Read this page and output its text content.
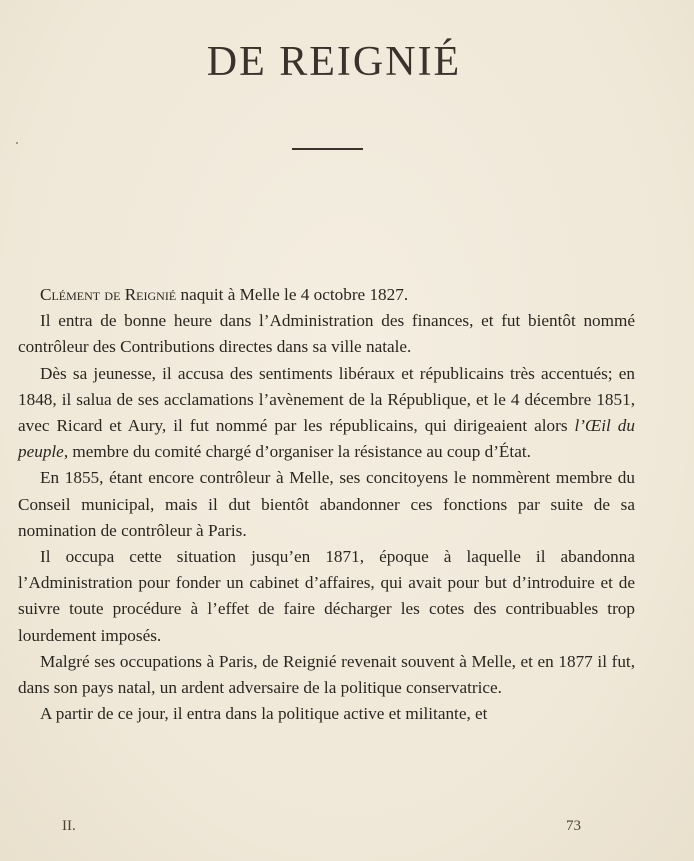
DE REIGNIÉ

Clément de Reignié naquit à Melle le 4 octobre 1827.

Il entra de bonne heure dans l’Administration des finances, et fut bientôt nommé contrôleur des Contributions directes dans sa ville natale.

Dès sa jeunesse, il accusa des sentiments libéraux et républicains très accentués; en 1848, il salua de ses acclamations l’avènement de la République, et le 4 décembre 1851, avec Ricard et Aury, il fut nommé par les républicains, qui dirigeaient alors l’Œil du peuple, membre du comité chargé d’organiser la résistance au coup d’État.

En 1855, étant encore contrôleur à Melle, ses concitoyens le nommèrent membre du Conseil municipal, mais il dut bientôt abandonner ces fonctions par suite de sa nomination de contrôleur à Paris.

Il occupa cette situation jusqu’en 1871, époque à laquelle il abandonna l’Administration pour fonder un cabinet d’affaires, qui avait pour but d’introduire et de suivre toute procédure à l’effet de faire décharger les cotes des contribuables trop lourdement imposés.

Malgré ses occupations à Paris, de Reignié revenait souvent à Melle, et en 1877 il fut, dans son pays natal, un ardent adversaire de la politique conservatrice.

A partir de ce jour, il entra dans la politique active et militante, et

II.	73
